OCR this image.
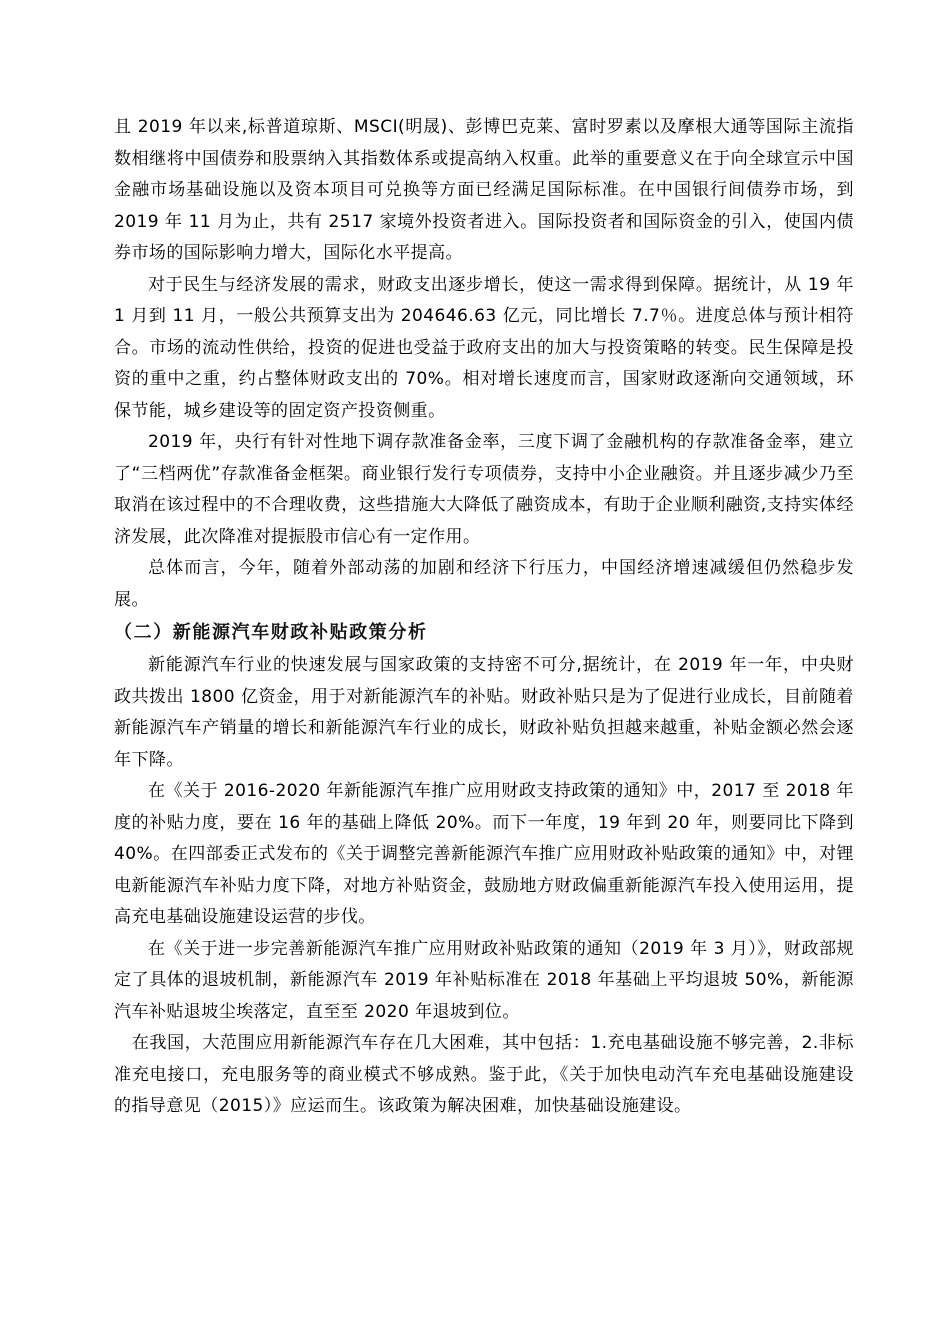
且 2019 年以来,标普道琼斯、MSCI(明晟)、彭博巴克莱、富时罗素以及摩根大通等国际主流指数相继将中国债券和股票纳入其指数体系或提高纳入权重。此举的重要意义在于向全球宣示中国金融市场基础设施以及资本项目可兑换等方面已经满足国际标准。在中国银行间债券市场，到 2019 年 11 月为止，共有 2517 家境外投资者进入。国际投资者和国际资金的引入，使国内债券市场的国际影响力增大，国际化水平提高。

对于民生与经济发展的需求，财政支出逐步增长，使这一需求得到保障。据统计，从 19 年 1 月到 11 月，一般公共预算支出为 204646.63 亿元，同比增长 7.7％。进度总体与预计相符合。市场的流动性供给，投资的促进也受益于政府支出的加大与投资策略的转变。民生保障是投资的重中之重，约占整体财政支出的 70%。相对增长速度而言，国家财政逐渐向交通领域，环保节能，城乡建设等的固定资产投资侧重。

2019 年，央行有针对性地下调存款准备金率，三度下调了金融机构的存款准备金率，建立了“三档两优”存款准备金框架。商业银行发行专项债券，支持中小企业融资。并且逐步减少乃至取消在该过程中的不合理收费，这些措施大大降低了融资成本，有助于企业顺利融资,支持实体经济发展，此次降准对提振股市信心有一定作用。

总体而言，今年，随着外部动荡的加剧和经济下行压力，中国经济增速减缓但仍然稳步发展。

（二）新能源汽车财政补贴政策分析

新能源汽车行业的快速发展与国家政策的支持密不可分,据统计，在 2019 年一年，中央财政共拨出 1800 亿资金，用于对新能源汽车的补贴。财政补贴只是为了促进行业成长，目前随着新能源汽车产销量的增长和新能源汽车行业的成长，财政补贴负担越来越重，补贴金额必然会逐年下降。

在《关于 2016-2020 年新能源汽车推广应用财政支持政策的通知》中，2017 至 2018 年度的补贴力度，要在 16 年的基础上降低 20%。而下一年度，19 年到 20 年，则要同比下降到 40%。在四部委正式发布的《关于调整完善新能源汽车推广应用财政补贴政策的通知》中，对锂电新能源汽车补贴力度下降，对地方补贴资金，鼓励地方财政偏重新能源汽车投入使用运用，提高充电基础设施建设运营的步伐。

在《关于进一步完善新能源汽车推广应用财政补贴政策的通知（2019 年 3 月）》，财政部规定了具体的退坡机制，新能源汽车 2019 年补贴标准在 2018 年基础上平均退坡 50%，新能源汽车补贴退坡尘埃落定，直至至 2020 年退坡到位。

在我国，大范围应用新能源汽车存在几大困难，其中包括：1.充电基础设施不够完善，2.非标准充电接口，充电服务等的商业模式不够成熟。鉴于此，《关于加快电动汽车充电基础设施建设的指导意见（2015）》应运而生。该政策为解决困难，加快基础设施建设。
